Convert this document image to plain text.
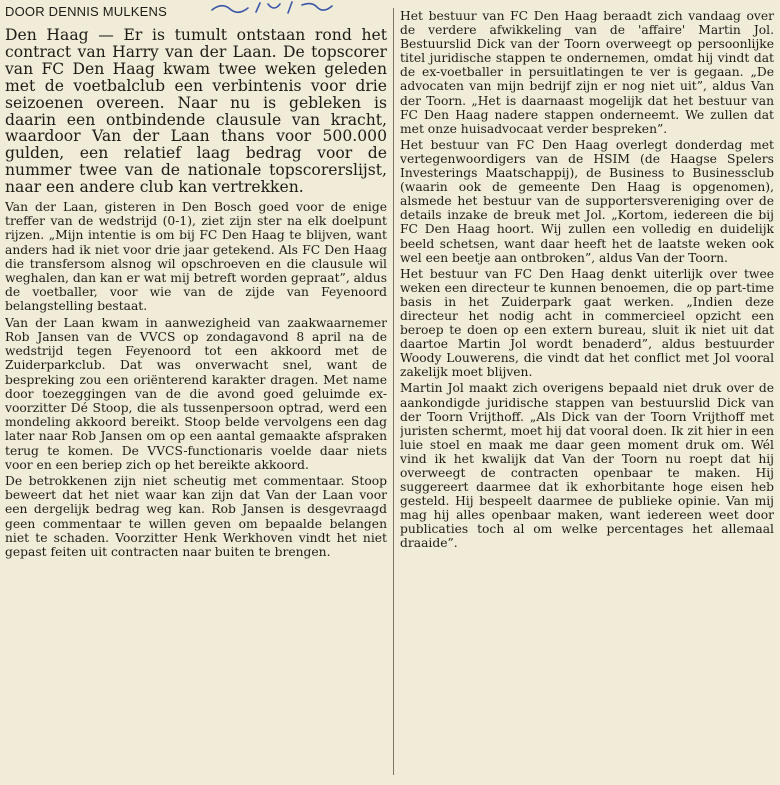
DOOR DENNIS MULKENS

Den Haag — Er is tumult ontstaan rond het contract van Harry van der Laan. De topscorer van FC Den Haag kwam twee weken geleden met de voetbalclub een verbintenis voor drie seizoenen overeen. Naar nu is gebleken is daarin een ontbindende clausule van kracht, waardoor Van der Laan thans voor 500.000 gulden, een relatief laag bedrag voor de nummer twee van de nationale topscorerslijst, naar een andere club kan vertrekken.

Van der Laan, gisteren in Den Bosch goed voor de enige treffer van de wedstrijd (0-1), ziet zijn ster na elk doelpunt rijzen. „Mijn intentie is om bij FC Den Haag te blijven, want anders had ik niet voor drie jaar getekend. Als FC Den Haag die transfersom alsnog wil opschroeven en die clausule wil weghalen, dan kan er wat mij betreft worden gepraat”, aldus de voetballer, voor wie van de zijde van Feyenoord belangstelling bestaat.

Van der Laan kwam in aanwezigheid van zaakwaarnemer Rob Jansen van de VVCS op zondagavond 8 april na de wedstrijd tegen Feyenoord tot een akkoord met de Zuiderparkclub. Dat was onverwacht snel, want de bespreking zou een oriënterend karakter dragen. Met name door toezeggingen van de die avond goed geluimde ex-voorzitter Dé Stoop, die als tussenpersoon optrad, werd een mondeling akkoord bereikt. Stoop belde vervolgens een dag later naar Rob Jansen om op een aantal gemaakte afspraken terug te komen. De VVCS-functionaris voelde daar niets voor en een beriep zich op het bereikte akkoord.

De betrokkenen zijn niet scheutig met commentaar. Stoop beweert dat het niet waar kan zijn dat Van der Laan voor een dergelijk bedrag weg kan. Rob Jansen is desgevraagd geen commentaar te willen geven om bepaalde belangen niet te schaden. Voorzitter Henk Werkhoven vindt het niet gepast feiten uit contracten naar buiten te brengen.

Het bestuur van FC Den Haag beraadt zich vandaag over de verdere afwikkeling van de 'affaire' Martin Jol. Bestuurslid Dick van der Toorn overweegt op persoonlijke titel juridische stappen te ondernemen, omdat hij vindt dat de ex-voetballer in persuitlatingen te ver is gegaan. „De advocaten van mijn bedrijf zijn er nog niet uit”, aldus Van der Toorn. „Het is daarnaast mogelijk dat het bestuur van FC Den Haag nadere stappen onderneemt. We zullen dat met onze huisadvocaat verder bespreken”.

Het bestuur van FC Den Haag overlegt donderdag met vertegenwoordigers van de HSIM (de Haagse Spelers Investerings Maatschappij), de Business to Businessclub (waarin ook de gemeente Den Haag is opgenomen), alsmede het bestuur van de supportersvereniging over de details inzake de breuk met Jol. „Kortom, iedereen die bij FC Den Haag hoort. Wij zullen een volledig en duidelijk beeld schetsen, want daar heeft het de laatste weken ook wel een beetje aan ontbroken”, aldus Van der Toorn.

Het bestuur van FC Den Haag denkt uiterlijk over twee weken een directeur te kunnen benoemen, die op part-time basis in het Zuiderpark gaat werken. „Indien deze directeur het nodig acht in commercieel opzicht een beroep te doen op een extern bureau, sluit ik niet uit dat daartoe Martin Jol wordt benaderd”, aldus bestuurder Woody Louwerens, die vindt dat het conflict met Jol vooral zakelijk moet blijven.

Martin Jol maakt zich overigens bepaald niet druk over de aankondigde juridische stappen van bestuurslid Dick van der Toorn Vrijthoff. „Als Dick van der Toorn Vrijthoff met juristen schermt, moet hij dat vooral doen. Ik zit hier in een luie stoel en maak me daar geen moment druk om. Wél vind ik het kwalijk dat Van der Toorn nu roept dat hij overweegt de contracten openbaar te maken. Hij suggereert daarmee dat ik exhorbitante hoge eisen heb gesteld. Hij bespeelt daarmee de publieke opinie. Van mij mag hij alles openbaar maken, want iedereen weet door publicaties toch al om welke percentages het allemaal draaide”.
